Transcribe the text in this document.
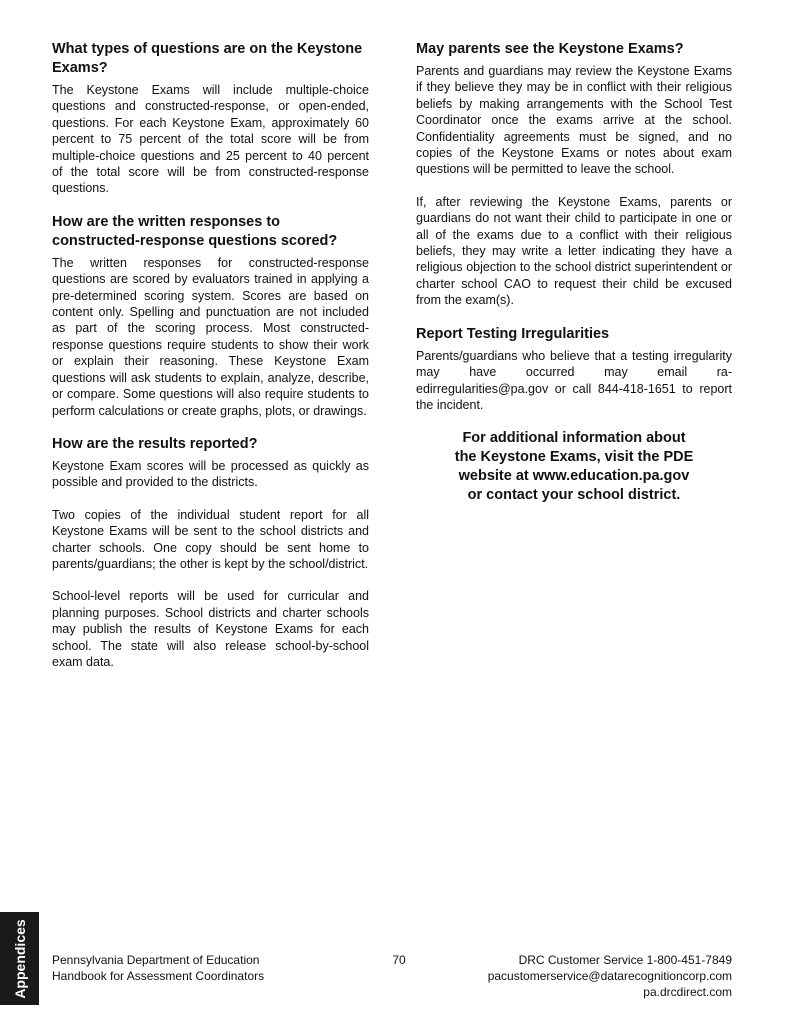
What types of questions are on the Keystone Exams?

The Keystone Exams will include multiple-choice questions and constructed-response, or open-ended, questions. For each Keystone Exam, approximately 60 percent to 75 percent of the total score will be from multiple-choice questions and 25 percent to 40 percent of the total score will be from constructed-response questions.

How are the written responses to constructed-response questions scored?

The written responses for constructed-response questions are scored by evaluators trained in applying a pre-determined scoring system. Scores are based on content only. Spelling and punctuation are not included as part of the scoring process. Most constructed-response questions require students to show their work or explain their reasoning. These Keystone Exam questions will ask students to explain, analyze, describe, or compare. Some questions will also require students to perform calculations or create graphs, plots, or drawings.

How are the results reported?

Keystone Exam scores will be processed as quickly as possible and provided to the districts.

Two copies of the individual student report for all Keystone Exams will be sent to the school districts and charter schools. One copy should be sent home to parents/guardians; the other is kept by the school/district.

School-level reports will be used for curricular and planning purposes. School districts and charter schools may publish the results of Keystone Exams for each school. The state will also release school-by-school exam data.

May parents see the Keystone Exams?

Parents and guardians may review the Keystone Exams if they believe they may be in conflict with their religious beliefs by making arrangements with the School Test Coordinator once the exams arrive at the school. Confidentiality agreements must be signed, and no copies of the Keystone Exams or notes about exam questions will be permitted to leave the school.

If, after reviewing the Keystone Exams, parents or guardians do not want their child to participate in one or all of the exams due to a conflict with their religious beliefs, they may write a letter indicating they have a religious objection to the school district superintendent or charter school CAO to request their child be excused from the exam(s).

Report Testing Irregularities

Parents/guardians who believe that a testing irregularity may have occurred may email ra-edirregularities@pa.gov or call 844-418-1651 to report the incident.

For additional information about
the Keystone Exams, visit the PDE
website at www.education.pa.gov
or contact your school district.
Appendices Pennsylvania Department of Education
Handbook for Assessment Coordinators
70	DRC Customer Service 1-800-451-7849
pacustomerservice@datarecognitioncorp.com
pa.drcdirect.com
